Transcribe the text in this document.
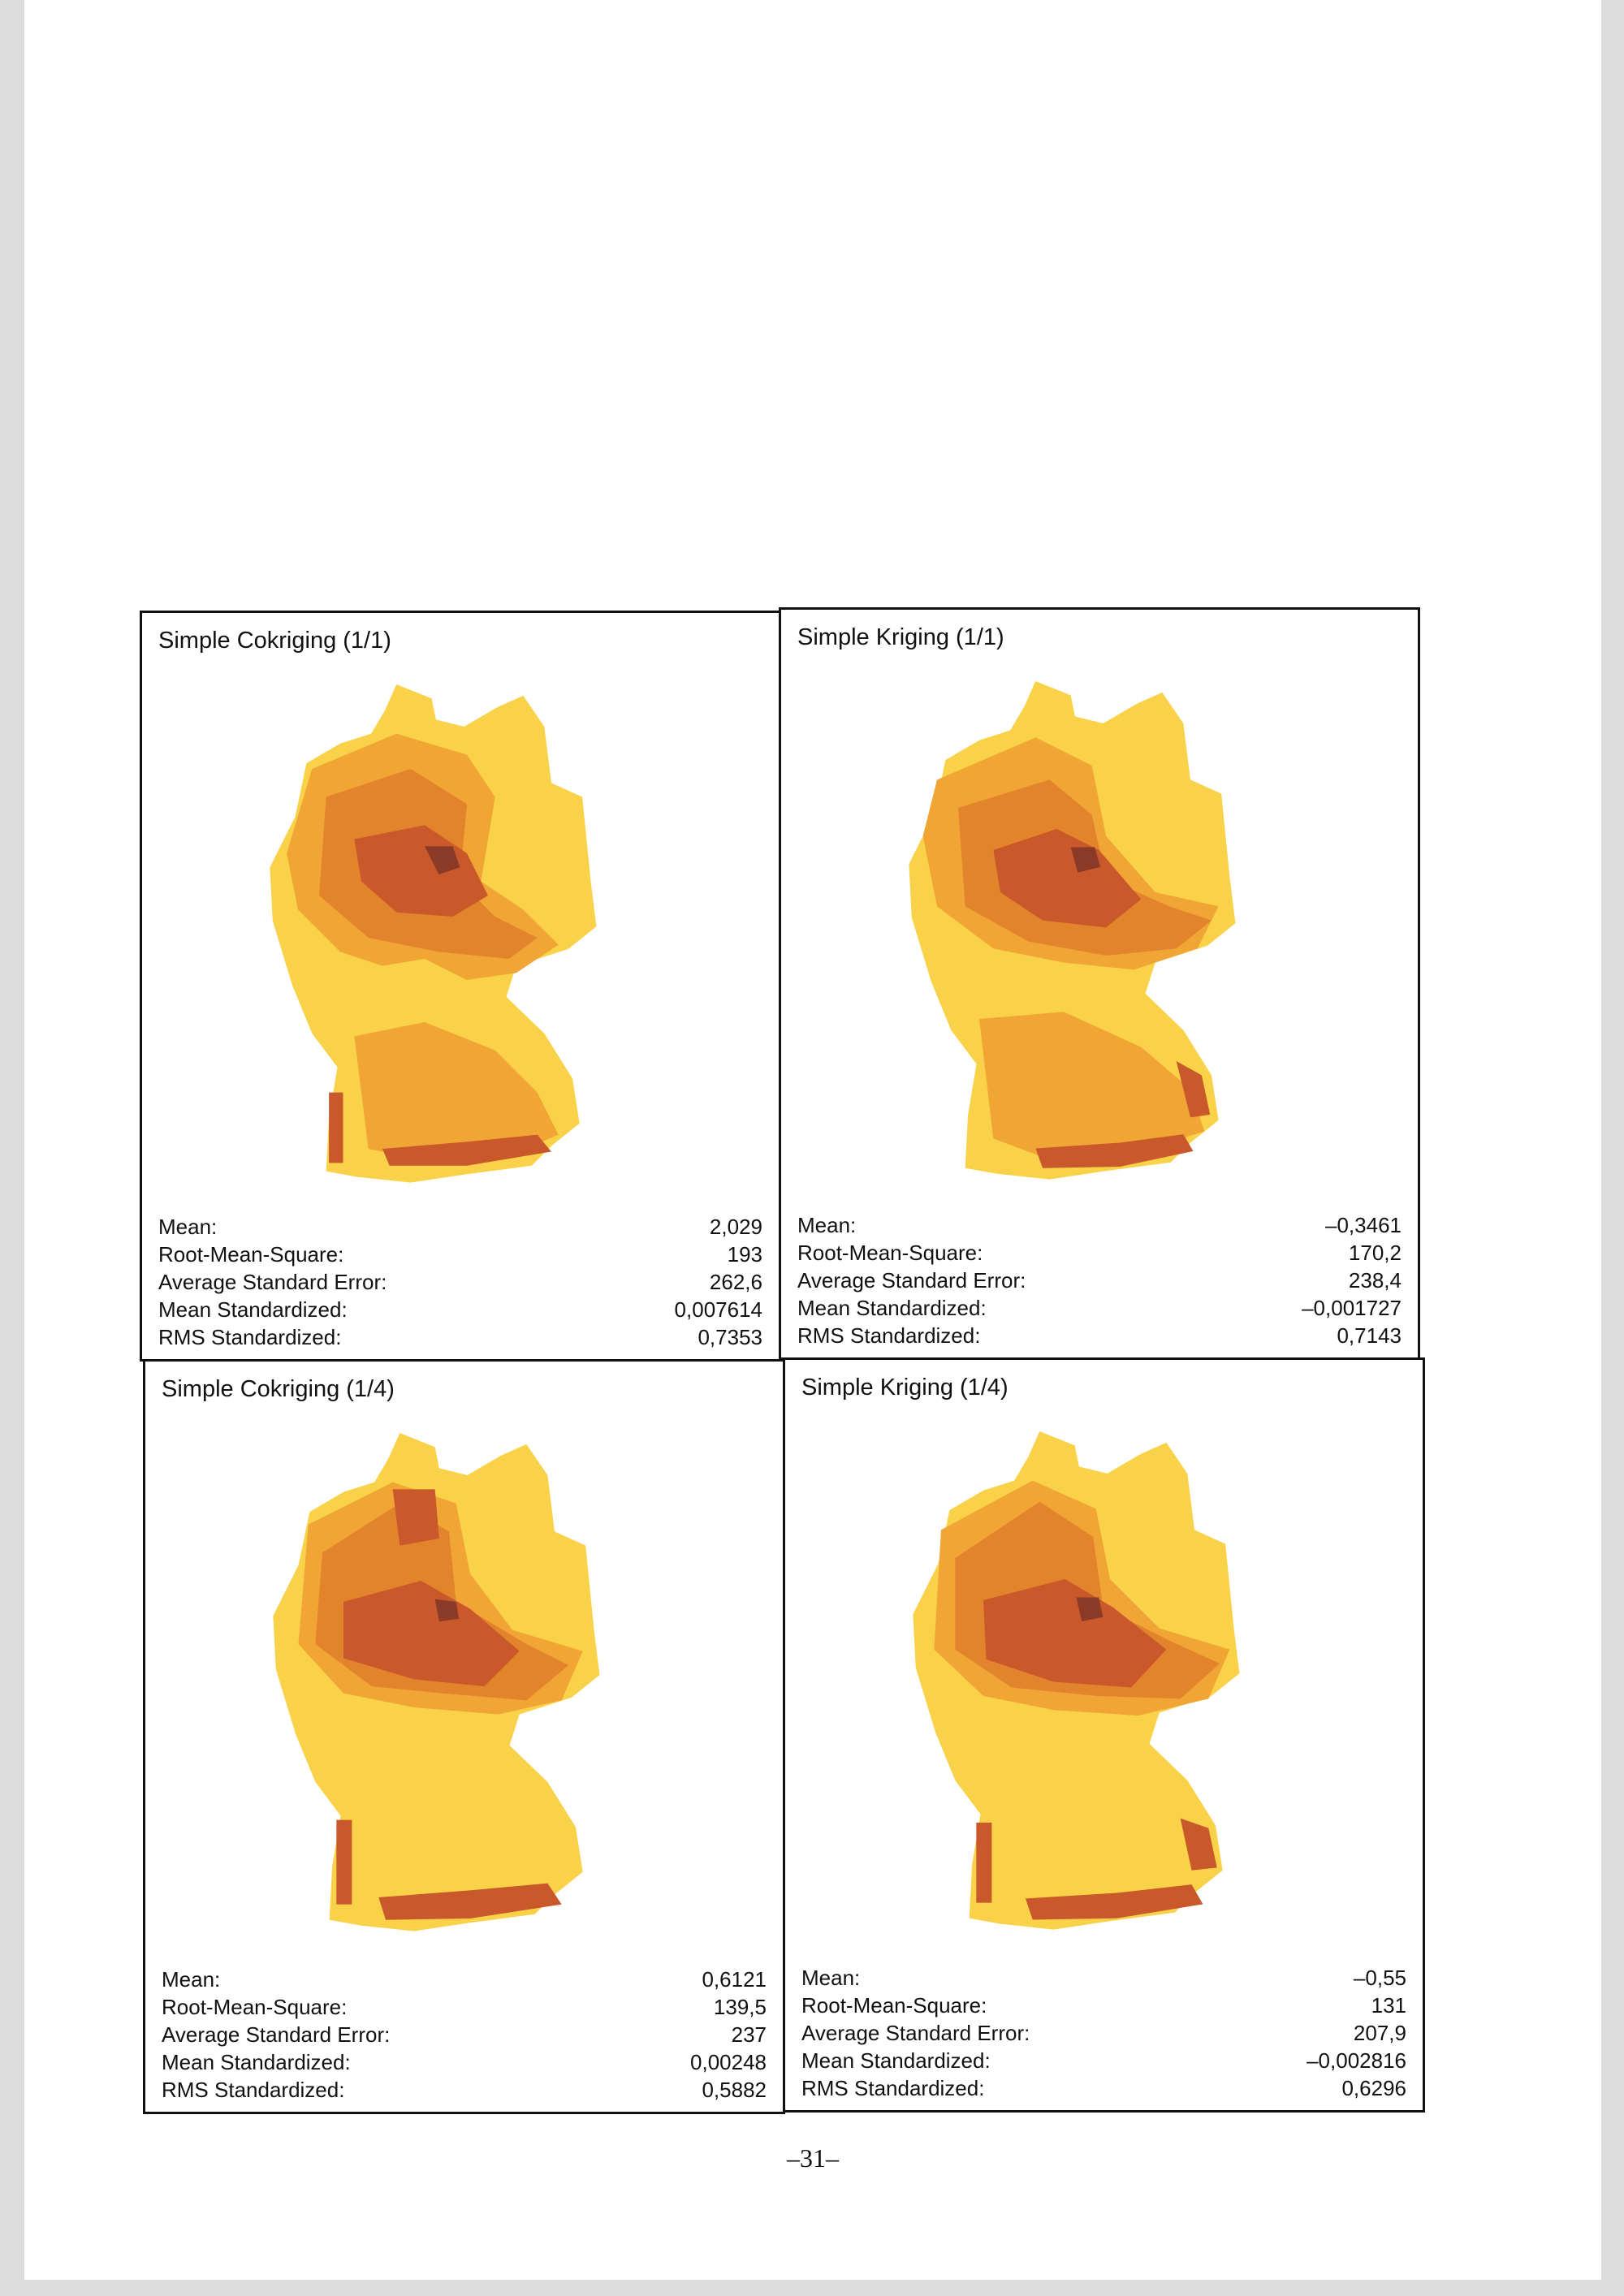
Simple Cokriging (1/1)
Mean:	2,029
Root-Mean-Square:	193
Average Standard Error:	262,6
Mean Standardized:	0,007614
RMS Standardized:	0,7353
Simple Kriging (1/1)
Mean:	–0,3461
Root-Mean-Square:	170,2
Average Standard Error:	238,4
Mean Standardized:	–0,001727
RMS Standardized:	0,7143
Simple Cokriging (1/4)
Mean:	0,6121
Root-Mean-Square:	139,5
Average Standard Error:	237
Mean Standardized:	0,00248
RMS Standardized:	0,5882
Simple Kriging (1/4)
Mean:	–0,55
Root-Mean-Square:	131
Average Standard Error:	207,9
Mean Standardized:	–0,002816
RMS Standardized:	0,6296
–31–
